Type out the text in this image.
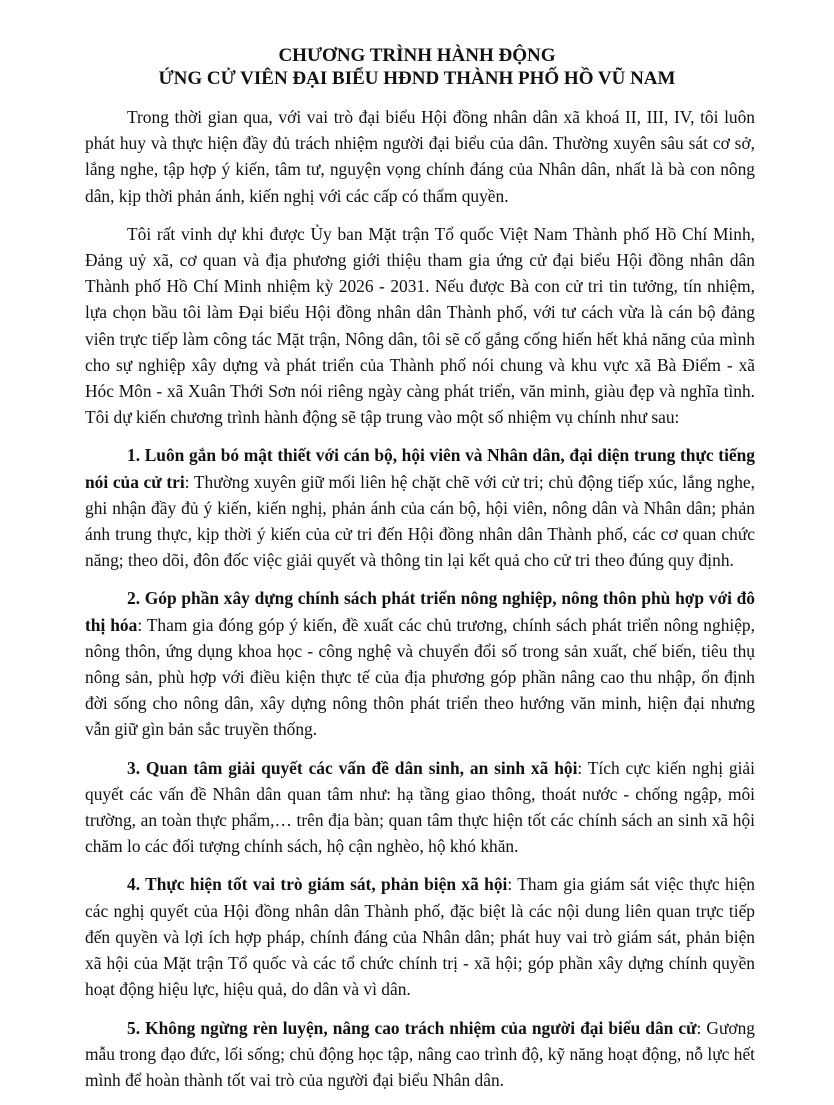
CHƯƠNG TRÌNH HÀNH ĐỘNG
ỨNG CỬ VIÊN ĐẠI BIỂU HĐND THÀNH PHỐ HỒ VŨ NAM

Trong thời gian qua, với vai trò đại biểu Hội đồng nhân dân xã khoá II, III, IV, tôi luôn phát huy và thực hiện đầy đủ trách nhiệm người đại biểu của dân. Thường xuyên sâu sát cơ sở, lắng nghe, tập hợp ý kiến, tâm tư, nguyện vọng chính đáng của Nhân dân, nhất là bà con nông dân, kịp thời phản ánh, kiến nghị với các cấp có thẩm quyền.

Tôi rất vinh dự khi được Ủy ban Mặt trận Tổ quốc Việt Nam Thành phố Hồ Chí Minh, Đảng uỷ xã, cơ quan và địa phương giới thiệu tham gia ứng cử đại biểu Hội đồng nhân dân Thành phố Hồ Chí Minh nhiệm kỳ 2026 - 2031. Nếu được Bà con cử tri tin tưởng, tín nhiệm, lựa chọn bầu tôi làm Đại biểu Hội đồng nhân dân Thành phố, với tư cách vừa là cán bộ đảng viên trực tiếp làm công tác Mặt trận, Nông dân, tôi sẽ cố gắng cống hiến hết khả năng của mình cho sự nghiệp xây dựng và phát triển của Thành phố nói chung và khu vực xã Bà Điểm - xã Hóc Môn - xã Xuân Thới Sơn nói riêng ngày càng phát triển, văn minh, giàu đẹp và nghĩa tình. Tôi dự kiến chương trình hành động sẽ tập trung vào một số nhiệm vụ chính như sau:

1. Luôn gắn bó mật thiết với cán bộ, hội viên và Nhân dân, đại diện trung thực tiếng nói của cử tri: Thường xuyên giữ mối liên hệ chặt chẽ với cử tri; chủ động tiếp xúc, lắng nghe, ghi nhận đầy đủ ý kiến, kiến nghị, phản ánh của cán bộ, hội viên, nông dân và Nhân dân; phản ánh trung thực, kịp thời ý kiến của cử tri đến Hội đồng nhân dân Thành phố, các cơ quan chức năng; theo dõi, đôn đốc việc giải quyết và thông tin lại kết quả cho cử tri theo đúng quy định.

2. Góp phần xây dựng chính sách phát triển nông nghiệp, nông thôn phù hợp với đô thị hóa: Tham gia đóng góp ý kiến, đề xuất các chủ trương, chính sách phát triển nông nghiệp, nông thôn, ứng dụng khoa học - công nghệ và chuyển đổi số trong sản xuất, chế biến, tiêu thụ nông sản, phù hợp với điều kiện thực tế của địa phương góp phần nâng cao thu nhập, ổn định đời sống cho nông dân, xây dựng nông thôn phát triển theo hướng văn minh, hiện đại nhưng vẫn giữ gìn bản sắc truyền thống.

3. Quan tâm giải quyết các vấn đề dân sinh, an sinh xã hội: Tích cực kiến nghị giải quyết các vấn đề Nhân dân quan tâm như: hạ tầng giao thông, thoát nước - chống ngập, môi trường, an toàn thực phẩm,… trên địa bàn; quan tâm thực hiện tốt các chính sách an sinh xã hội chăm lo các đối tượng chính sách, hộ cận nghèo, hộ khó khăn.

4. Thực hiện tốt vai trò giám sát, phản biện xã hội: Tham gia giám sát việc thực hiện các nghị quyết của Hội đồng nhân dân Thành phố, đặc biệt là các nội dung liên quan trực tiếp đến quyền và lợi ích hợp pháp, chính đáng của Nhân dân; phát huy vai trò giám sát, phản biện xã hội của Mặt trận Tổ quốc và các tổ chức chính trị - xã hội; góp phần xây dựng chính quyền hoạt động hiệu lực, hiệu quả, do dân và vì dân.

5. Không ngừng rèn luyện, nâng cao trách nhiệm của người đại biểu dân cử: Gương mẫu trong đạo đức, lối sống; chủ động học tập, nâng cao trình độ, kỹ năng hoạt động, nỗ lực hết mình để hoàn thành tốt vai trò của người đại biểu Nhân dân.
